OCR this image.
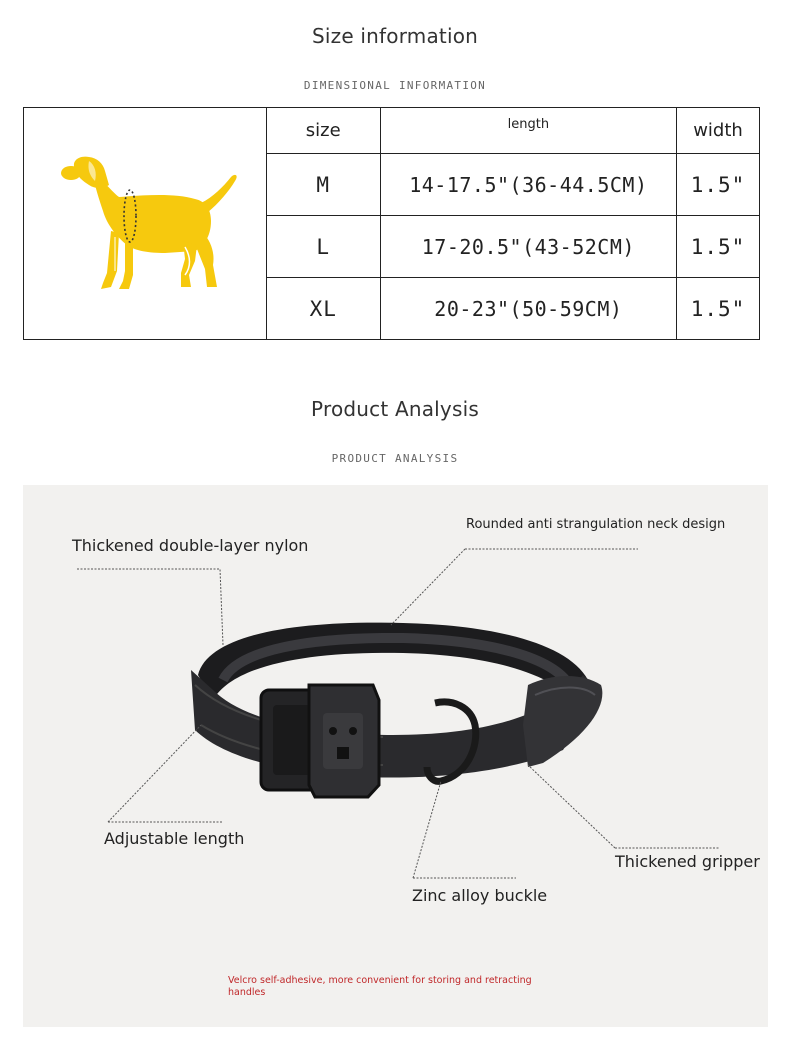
Size information
DIMENSIONAL INFORMATION
	size	length	width
	M	14-17.5"(36-44.5CM)	1.5"
	L	17-20.5"(43-52CM)	1.5"
	XL	20-23"(50-59CM)	1.5"
Product Analysis
PRODUCT ANALYSIS
Thickened double-layer nylon
Rounded anti strangulation neck design
Adjustable length
Thickened gripper
Zinc alloy buckle
Velcro self-adhesive, more convenient for storing and retracting handles
